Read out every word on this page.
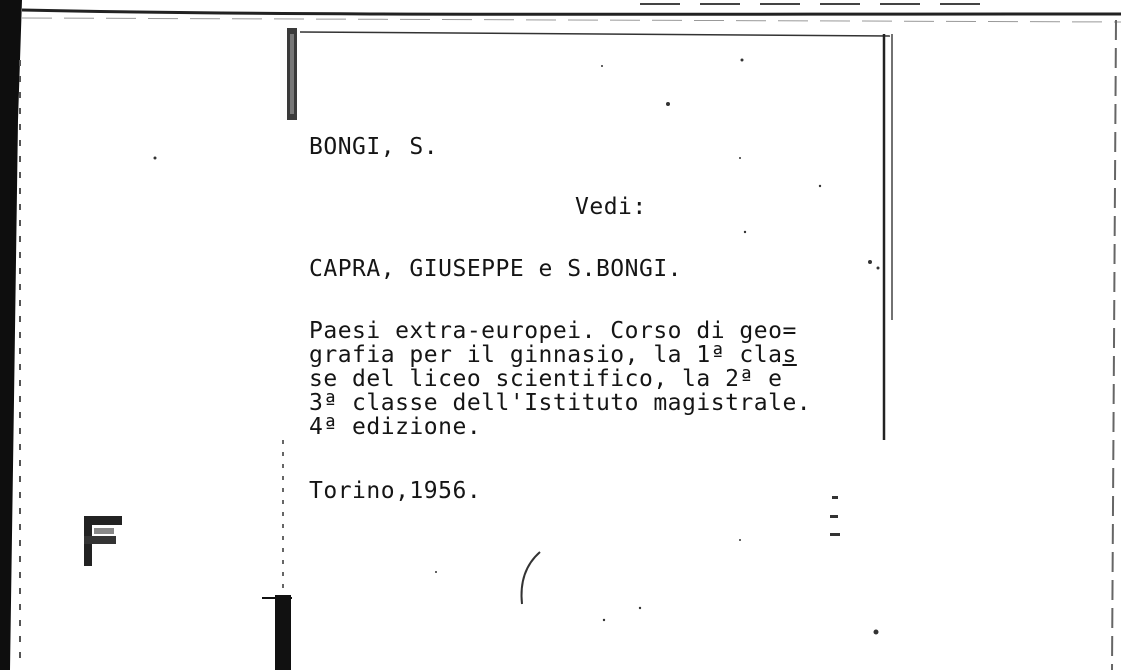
BONGI, S.
Vedi:
CAPRA, GIUSEPPE e S.BONGI.
Paesi extra-europei. Corso di geo=
grafia per il ginnasio, la 1ª clas
se del liceo scientifico, la 2ª e
3ª classe dell'Istituto magistrale.
4ª edizione.
Torino,1956.
